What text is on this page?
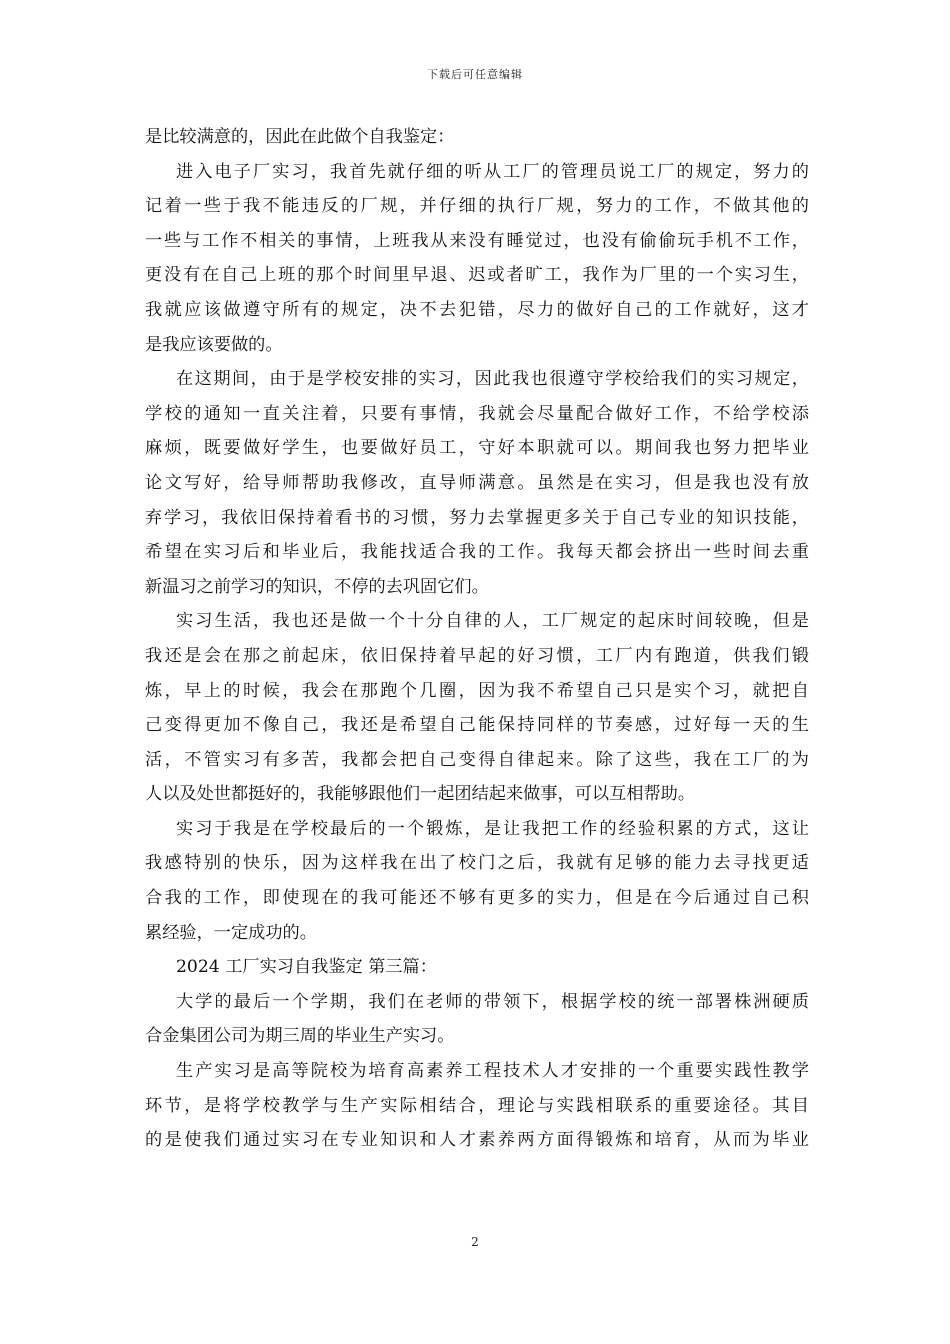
下载后可任意编辑
是比较满意的，因此在此做个自我鉴定：
进入电子厂实习，我首先就仔细的听从工厂的管理员说工厂的规定，努力的
记着一些于我不能违反的厂规，并仔细的执行厂规，努力的工作，不做其他的
一些与工作不相关的事情，上班我从来没有睡觉过，也没有偷偷玩手机不工作，
更没有在自己上班的那个时间里早退、迟或者旷工，我作为厂里的一个实习生，
我就应该做遵守所有的规定，决不去犯错，尽力的做好自己的工作就好，这才
是我应该要做的。
在这期间，由于是学校安排的实习，因此我也很遵守学校给我们的实习规定，
学校的通知一直关注着，只要有事情，我就会尽量配合做好工作，不给学校添
麻烦，既要做好学生，也要做好员工，守好本职就可以。期间我也努力把毕业
论文写好，给导师帮助我修改，直导师满意。虽然是在实习，但是我也没有放
弃学习，我依旧保持着看书的习惯，努力去掌握更多关于自己专业的知识技能，
希望在实习后和毕业后，我能找适合我的工作。我每天都会挤出一些时间去重
新温习之前学习的知识，不停的去巩固它们。
实习生活，我也还是做一个十分自律的人，工厂规定的起床时间较晚，但是
我还是会在那之前起床，依旧保持着早起的好习惯，工厂内有跑道，供我们锻
炼，早上的时候，我会在那跑个几圈，因为我不希望自己只是实个习，就把自
己变得更加不像自己，我还是希望自己能保持同样的节奏感，过好每一天的生
活，不管实习有多苦，我都会把自己变得自律起来。除了这些，我在工厂的为
人以及处世都挺好的，我能够跟他们一起团结起来做事，可以互相帮助。
实习于我是在学校最后的一个锻炼，是让我把工作的经验积累的方式，这让
我感特别的快乐，因为这样我在出了校门之后，我就有足够的能力去寻找更适
合我的工作，即使现在的我可能还不够有更多的实力，但是在今后通过自己积
累经验，一定成功的。
2024 工厂实习自我鉴定 第三篇：
大学的最后一个学期，我们在老师的带领下，根据学校的统一部署株洲硬质
合金集团公司为期三周的毕业生产实习。
生产实习是高等院校为培育高素养工程技术人才安排的一个重要实践性教学
环节，是将学校教学与生产实际相结合，理论与实践相联系的重要途径。其目
的是使我们通过实习在专业知识和人才素养两方面得锻炼和培育，从而为毕业
2
